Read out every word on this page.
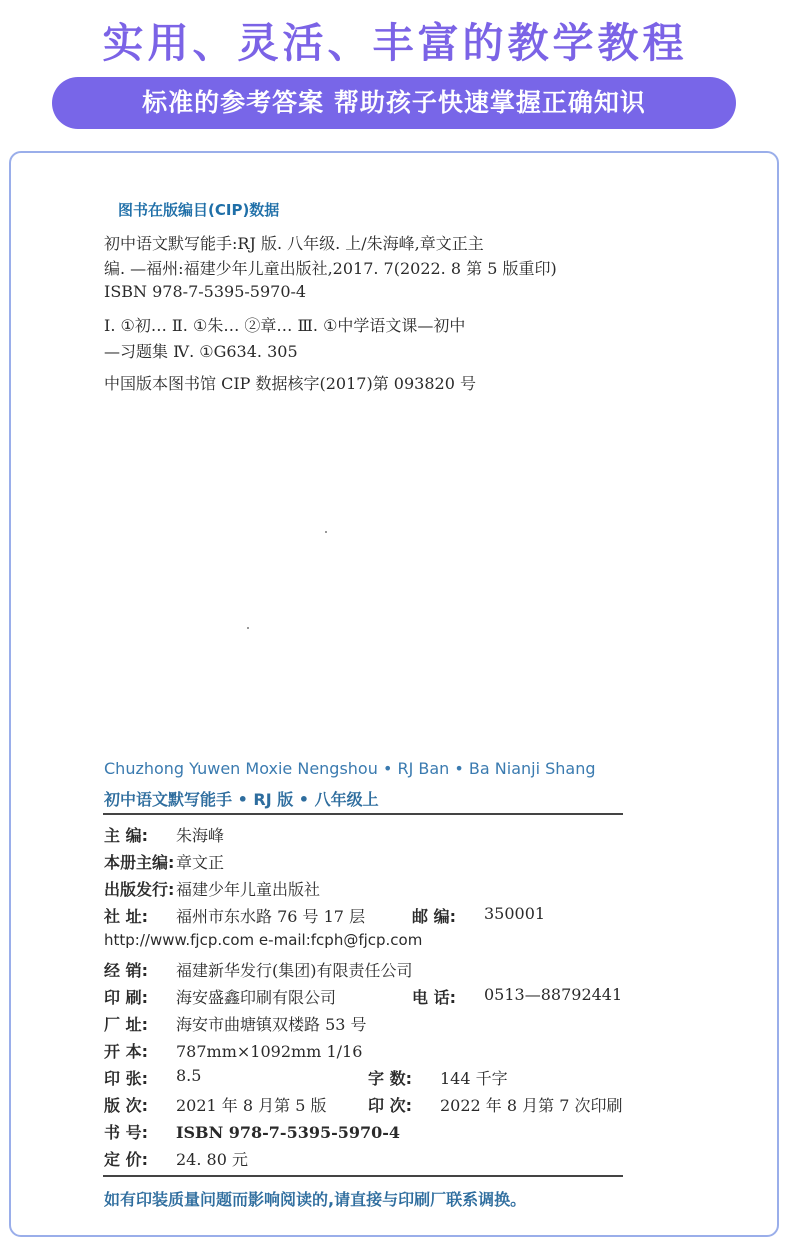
实用、灵活、丰富的教学教程
标准的参考答案 帮助孩子快速掌握正确知识
图书在版编目(CIP)数据
初中语文默写能手:RJ 版. 八年级. 上/朱海峰,章文正主
编. —福州:福建少年儿童出版社,2017. 7(2022. 8 第 5 版重印)
ISBN 978-7-5395-5970-4
Ⅰ. ①初… Ⅱ. ①朱… ②章… Ⅲ. ①中学语文课—初中
—习题集 Ⅳ. ①G634. 305
中国版本图书馆 CIP 数据核字(2017)第 093820 号
Chuzhong Yuwen Moxie Nengshou • RJ Ban • Ba Nianji Shang
初中语文默写能手 • RJ 版 • 八年级上
主 编: 朱海峰
本册主编:章文正
出版发行:福建少年儿童出版社
社 址: 福州市东水路 76 号 17 层	邮 编: 350001
http://www.fjcp.com e-mail:fcph@fjcp.com
经 销: 福建新华发行(集团)有限责任公司
印 刷: 海安盛鑫印刷有限公司	电 话: 0513—88792441
厂 址: 海安市曲塘镇双楼路 53 号
开 本: 787mm×1092mm 1/16
印 张: 8.5	字 数: 144 千字
版 次: 2021 年 8 月第 5 版	印 次: 2022 年 8 月第 7 次印刷
书 号: ISBN 978-7-5395-5970-4
定 价: 24. 80 元
如有印装质量问题而影响阅读的,请直接与印刷厂联系调换。
